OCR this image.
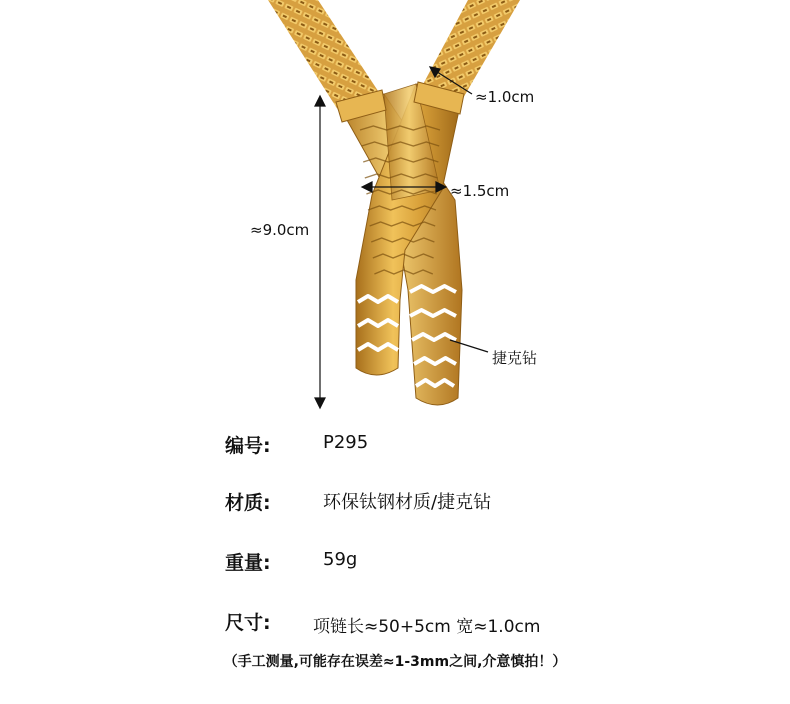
≈1.0cm
≈1.5cm
≈9.0cm
捷克钻
编号:	P295
材质:	环保钛钢材质/捷克钻
重量:	59g
尺寸: 项链长≈50+5cm 宽≈1.0cm
（手工测量,可能存在误差≈1-3mm之间,介意慎拍！）
